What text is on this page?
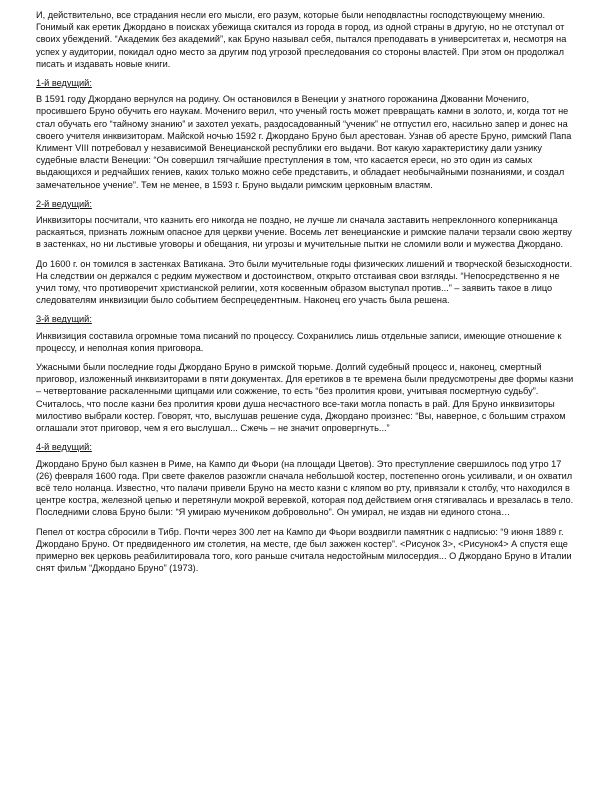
И, действительно, все страдания несли его мысли, его разум, которые были неподвластны господствующему мнению. Гонимый как еретик Джордано в поисках убежища скитался из города в город, из одной страны в другую, но не отступал от своих убеждений. “Академик без академий”, как Бруно называл себя, пытался преподавать в университетах и, несмотря на успех у аудитории, покидал одно место за другим под угрозой преследования со стороны властей. При этом он продолжал писать и издавать новые книги.

1-й ведущий:

В 1591 году Джордано вернулся на родину. Он остановился в Венеции у знатного горожанина Джованни Мочениго, просившего Бруно обучить его наукам. Мочениго верил, что ученый гость может превращать камни в золото, и, когда тот не стал обучать его “тайному знанию” и захотел уехать, раздосадованный “ученик” не отпустил его, насильно запер и донес на своего учителя инквизиторам. Майской ночью 1592 г. Джордано Бруно был арестован. Узнав об аресте Бруно, римский Папа Климент VIII потребовал у независимой Венецианской республики его выдачи. Вот какую характеристику дали узнику судебные власти Венеции: “Он совершил тягчайшие преступления в том, что касается ереси, но это один из самых выдающихся и редчайших гениев, каких только можно себе представить, и обладает необычайными познаниями, и создал замечательное учение”. Тем не менее, в 1593 г. Бруно выдали римским церковным властям.

2-й ведущий:

Инквизиторы посчитали, что казнить его никогда не поздно, не лучше ли сначала заставить непреклонного коперниканца раскаяться, признать ложным опасное для церкви учение. Восемь лет венецианские и римские палачи терзали свою жертву в застенках, но ни льстивые уговоры и обещания, ни угрозы и мучительные пытки не сломили воли и мужества Джордано.

До 1600 г. он томился в застенках Ватикана. Это были мучительные годы физических лишений и творческой безысходности. На следствии он держался с редким мужеством и достоинством, открыто отстаивая свои взгляды. “Непосредственно я не учил тому, что противоречит христианской религии, хотя косвенным образом выступал против...” – заявить такое в лицо следователям инквизиции было событием беспрецедентным. Наконец его участь была решена.

3-й ведущий:

Инквизиция составила огромные тома писаний по процессу. Сохранились лишь отдельные записи, имеющие отношение к процессу, и неполная копия приговора.

Ужасными были последние годы Джордано Бруно в римской тюрьме. Долгий судебный процесс и, наконец, смертный приговор, изложенный инквизиторами в пяти документах. Для еретиков в те времена были предусмотрены две формы казни – четвертование раскаленными щипцами или сожжение, то есть “без пролития крови, учитывая посмертную судьбу”. Считалось, что после казни без пролития крови душа несчастного все-таки могла попасть в рай. Для Бруно инквизиторы милостиво выбрали костер. Говорят, что, выслушав решение суда, Джордано произнес: “Вы, наверное, с большим страхом оглашали этот приговор, чем я его выслушал... Сжечь – не значит опровергнуть...”

4-й ведущий:

Джордано Бруно был казнен в Риме, на Кампо ди Фьори (на площади Цветов). Это преступление свершилось под утро 17 (26) февраля 1600 года. При свете факелов разожгли сначала небольшой костер, постепенно огонь усиливали, и он охватил всё тело ноланца. Известно, что палачи привели Бруно на место казни с кляпом во рту, привязали к столбу, что находился в центре костра, железной цепью и перетянули мокрой веревкой, которая под действием огня стягивалась и врезалась в тело. Последними слова Бруно были: “Я умираю мучеником добровольно”. Он умирал, не издав ни единого стона…

Пепел от костра сбросили в Тибр. Почти через 300 лет на Кампо ди Фьори воздвигли памятник с надписью: “9 июня 1889 г. Джордано Бруно. От предвиденного им столетия, на месте, где был зажжен костер”. <Рисунок 3>, <Рисунок4> А спустя еще примерно век церковь реабилитировала того, кого раньше считала недостойным милосердия... О Джордано Бруно в Италии снят фильм “Джордано Бруно” (1973).
